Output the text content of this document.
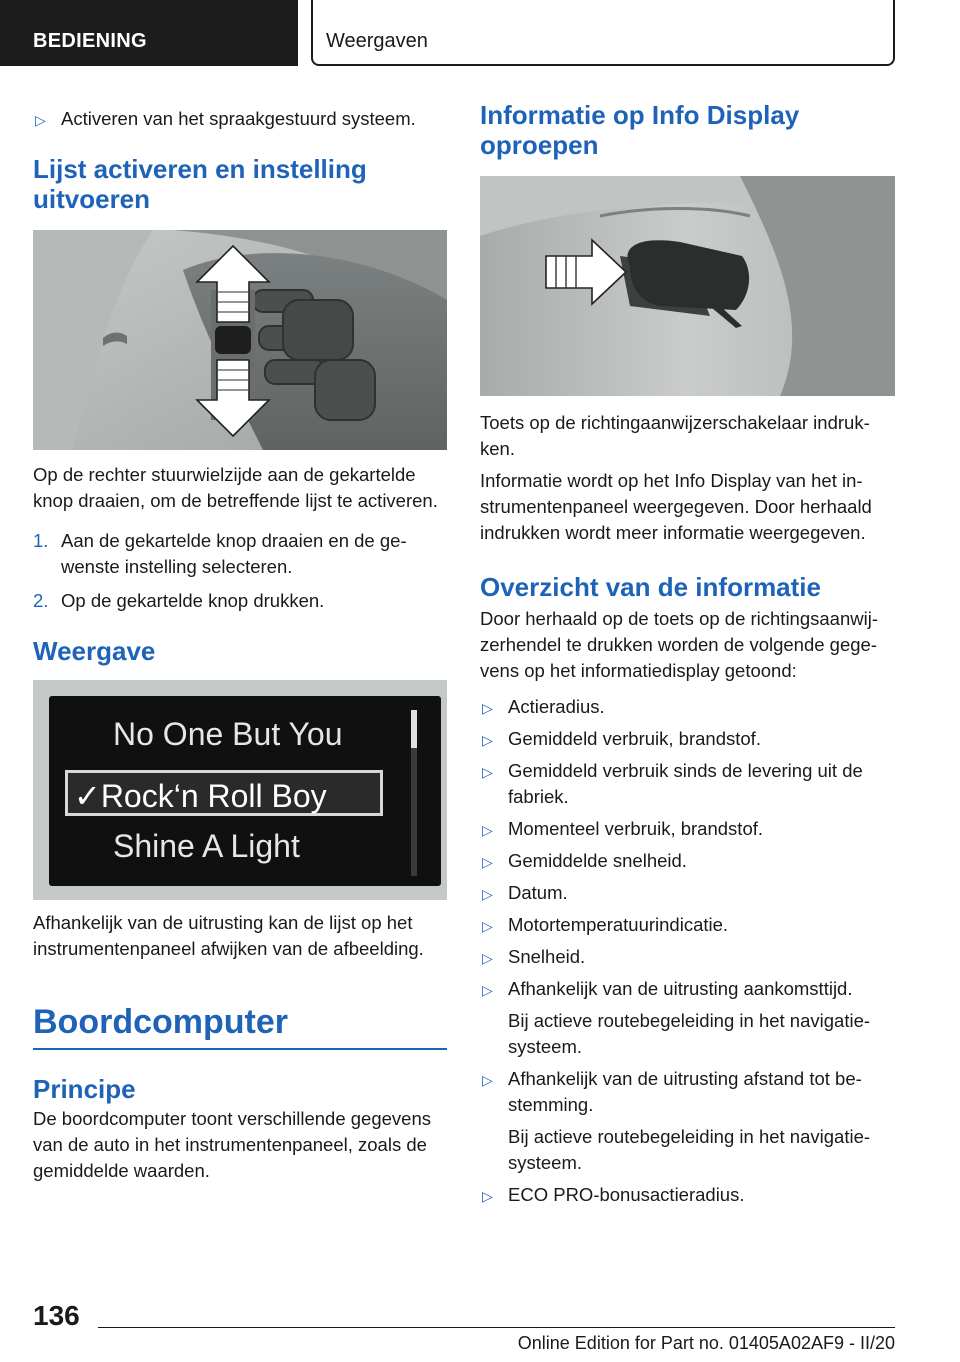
BEDIENING	Weergaven
▷ Activeren van het spraakgestuurd systeem.
Lijst activeren en instelling uitvoeren

Op de rechter stuurwielzijde aan de gekartelde knop draaien, om de betreffende lijst te activeren.

1. Aan de gekartelde knop draaien en de gewenste instelling selecteren.
2. Op de gekartelde knop drukken.
Weergave
No One But You
✓Rock‘n Roll Boy
Shine A Light

Afhankelijk van de uitrusting kan de lijst op het instrumentenpaneel afwijken van de afbeelding.

Boordcomputer
Principe

De boordcomputer toont verschillende gegevens van de auto in het instrumentenpaneel, zoals de gemiddelde waarden.

Informatie op Info Display oproepen

Toets op de richtingaanwijzerschakelaar indrukken.

Informatie wordt op het Info Display van het instrumentenpaneel weergegeven. Door herhaald indrukken wordt meer informatie weergegeven.

Overzicht van de informatie

Door herhaald op de toets op de richtingsaanwijzerhendel te drukken worden de volgende gegevens op het informatiedisplay getoond:

▷ Actieradius.
▷ Gemiddeld verbruik, brandstof.
▷ Gemiddeld verbruik sinds de levering uit de fabriek.
▷ Momenteel verbruik, brandstof.
▷ Gemiddelde snelheid.
▷ Datum.
▷ Motortemperatuurindicatie.
▷ Snelheid.
▷ Afhankelijk van de uitrusting aankomsttijd.
Bij actieve routebegeleiding in het navigatiesysteem.
▷ Afhankelijk van de uitrusting afstand tot bestemming.
Bij actieve routebegeleiding in het navigatiesysteem.
▷ ECO PRO-bonusactieradius.
136
Online Edition for Part no. 01405A02AF9 - II/20
